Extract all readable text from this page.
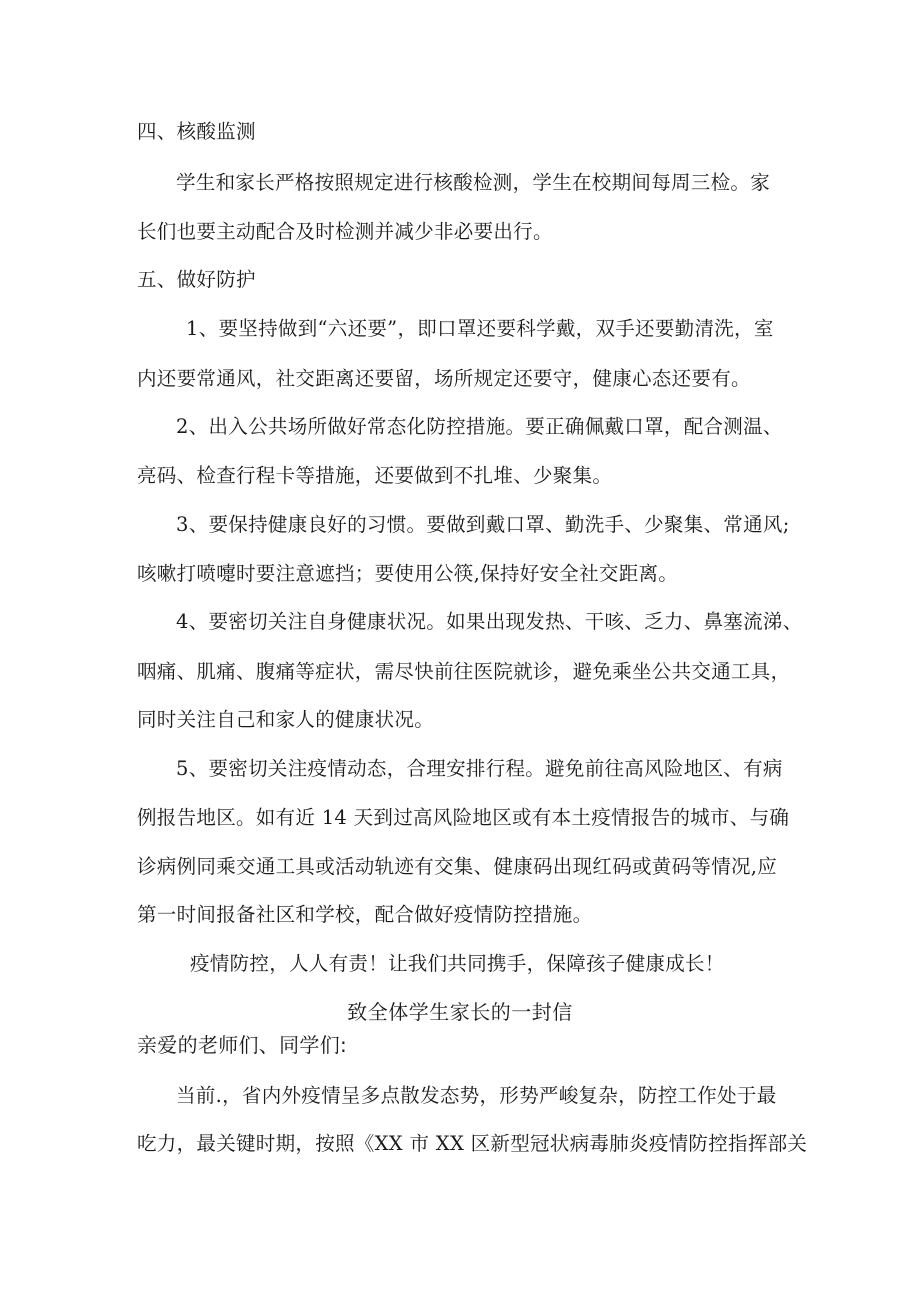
四、核酸监测
学生和家长严格按照规定进行核酸检测，学生在校期间每周三检。家
长们也要主动配合及时检测并减少非必要出行。
五、做好防护
1、要坚持做到“六还要”，即口罩还要科学戴，双手还要勤清洗，室
内还要常通风，社交距离还要留，场所规定还要守，健康心态还要有。
2、出入公共场所做好常态化防控措施。要正确佩戴口罩，配合测温、
亮码、检查行程卡等措施，还要做到不扎堆、少聚集。
3、要保持健康良好的习惯。要做到戴口罩、勤洗手、少聚集、常通风;
咳嗽打喷嚏时要注意遮挡；要使用公筷,保持好安全社交距离。
4、要密切关注自身健康状况。如果出现发热、干咳、乏力、鼻塞流涕、
咽痛、肌痛、腹痛等症状，需尽快前往医院就诊，避免乘坐公共交通工具，
同时关注自己和家人的健康状况。
5、要密切关注疫情动态，合理安排行程。避免前往高风险地区、有病
例报告地区。如有近 14 天到过高风险地区或有本土疫情报告的城市、与确
诊病例同乘交通工具或活动轨迹有交集、健康码出现红码或黄码等情况,应
第一时间报备社区和学校，配合做好疫情防控措施。
疫情防控，人人有责！让我们共同携手，保障孩子健康成长！
致全体学生家长的一封信
亲爱的老师们、同学们:
当前.，省内外疫情呈多点散发态势，形势严峻复杂，防控工作处于最
吃力，最关键时期，按照《XX 市 XX 区新型冠状病毒肺炎疫情防控指挥部关
